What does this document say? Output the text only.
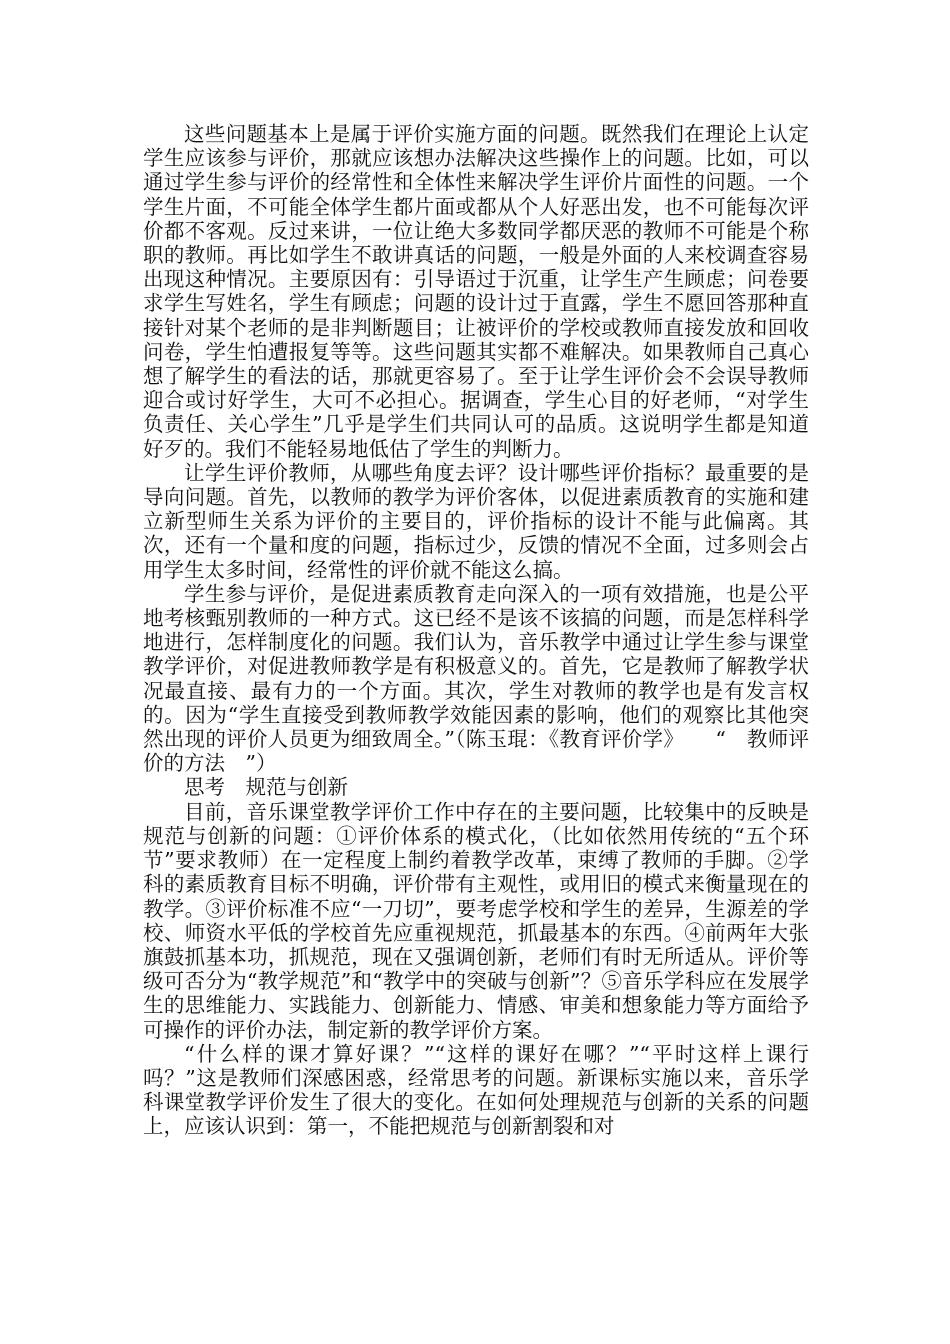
这些问题基本上是属于评价实施方面的问题。既然我们在理论上认定学生应该参与评价，那就应该想办法解决这些操作上的问题。比如，可以通过学生参与评价的经常性和全体性来解决学生评价片面性的问题。一个学生片面，不可能全体学生都片面或都从个人好恶出发，也不可能每次评价都不客观。反过来讲，一位让绝大多数同学都厌恶的教师不可能是个称职的教师。再比如学生不敢讲真话的问题，一般是外面的人来校调查容易出现这种情况。主要原因有：引导语过于沉重，让学生产生顾虑；问卷要求学生写姓名，学生有顾虑；问题的设计过于直露，学生不愿回答那种直接针对某个老师的是非判断题目；让被评价的学校或教师直接发放和回收问卷，学生怕遭报复等等。这些问题其实都不难解决。如果教师自己真心想了解学生的看法的话，那就更容易了。至于让学生评价会不会误导教师迎合或讨好学生，大可不必担心。据调查，学生心目的好老师，“对学生负责任、关心学生”几乎是学生们共同认可的品质。这说明学生都是知道好歹的。我们不能轻易地低估了学生的判断力。

让学生评价教师，从哪些角度去评？设计哪些评价指标？最重要的是导向问题。首先，以教师的教学为评价客体，以促进素质教育的实施和建立新型师生关系为评价的主要目的，评价指标的设计不能与此偏离。其次，还有一个量和度的问题，指标过少，反馈的情况不全面，过多则会占用学生太多时间，经常性的评价就不能这么搞。

学生参与评价，是促进素质教育走向深入的一项有效措施，也是公平地考核甄别教师的一种方式。这已经不是该不该搞的问题，而是怎样科学地进行，怎样制度化的问题。我们认为，音乐教学中通过让学生参与课堂教学评价，对促进教师教学是有积极意义的。首先，它是教师了解教学状况最直接、最有力的一个方面。其次，学生对教师的教学也是有发言权的。因为“学生直接受到教师教学效能因素的影响，他们的观察比其他突然出现的评价人员更为细致周全。”（陈玉琨：《教育评价学》　　“　教师评价的方法　”）

思考 规范与创新

目前，音乐课堂教学评价工作中存在的主要问题，比较集中的反映是规范与创新的问题：①评价体系的模式化，（比如依然用传统的“五个环节”要求教师）在一定程度上制约着教学改革，束缚了教师的手脚。②学科的素质教育目标不明确，评价带有主观性，或用旧的模式来衡量现在的教学。③评价标准不应“一刀切”，要考虑学校和学生的差异，生源差的学校、师资水平低的学校首先应重视规范，抓最基本的东西。④前两年大张旗鼓抓基本功，抓规范，现在又强调创新，老师们有时无所适从。评价等级可否分为“教学规范”和“教学中的突破与创新”？⑤音乐学科应在发展学生的思维能力、实践能力、创新能力、情感、审美和想象能力等方面给予可操作的评价办法，制定新的教学评价方案。

“什么样的课才算好课？”“这样的课好在哪？”“平时这样上课行吗？”这是教师们深感困惑，经常思考的问题。新课标实施以来，音乐学科课堂教学评价发生了很大的变化。在如何处理规范与创新的关系的问题上，应该认识到：第一，不能把规范与创新割裂和对
